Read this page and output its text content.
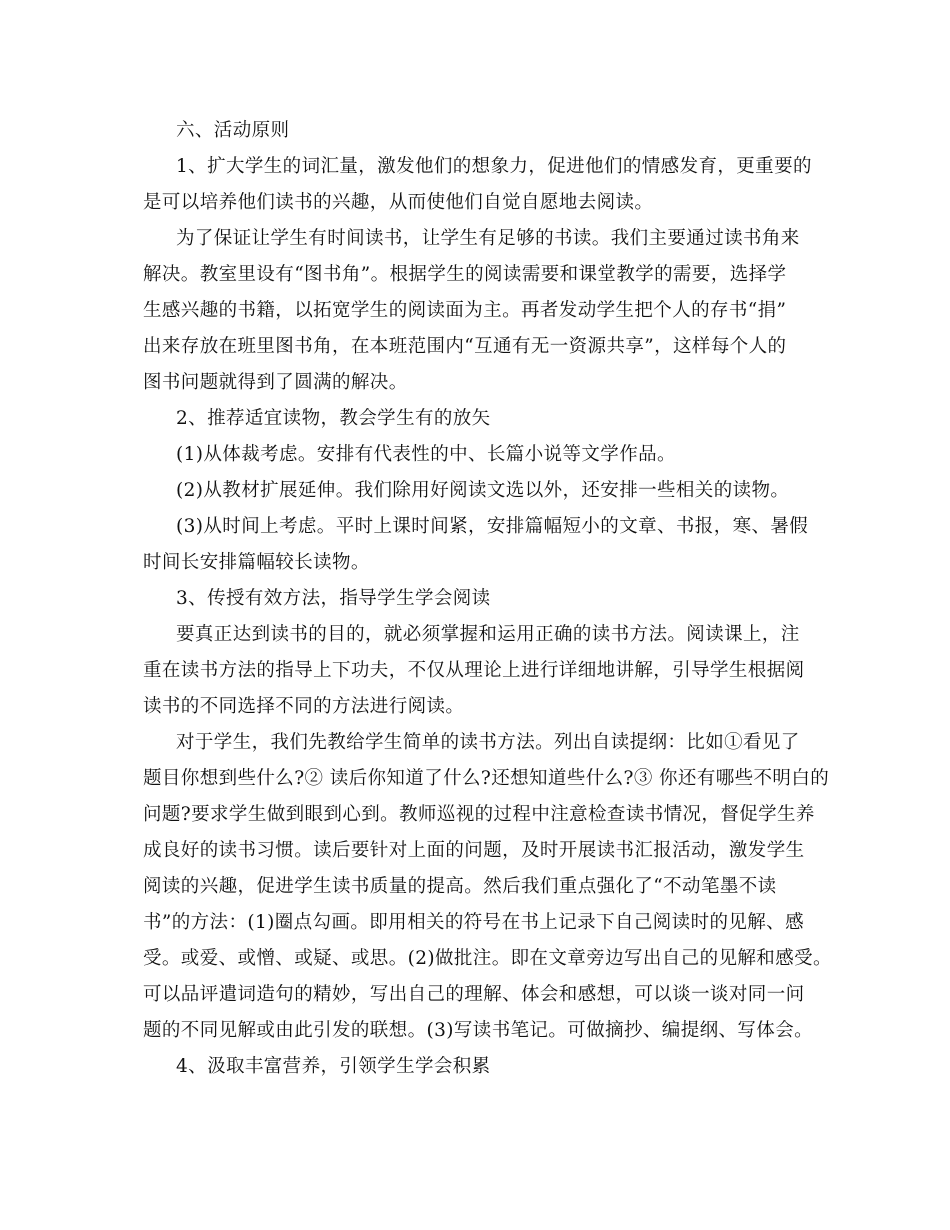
六、活动原则
1、扩大学生的词汇量，激发他们的想象力，促进他们的情感发育，更重要的
是可以培养他们读书的兴趣，从而使他们自觉自愿地去阅读。
为了保证让学生有时间读书，让学生有足够的书读。我们主要通过读书角来
解决。教室里设有“图书角”。根据学生的阅读需要和课堂教学的需要，选择学
生感兴趣的书籍，以拓宽学生的阅读面为主。再者发动学生把个人的存书“捐”
出来存放在班里图书角，在本班范围内“互通有无一资源共享”，这样每个人的
图书问题就得到了圆满的解决。
2、推荐适宜读物，教会学生有的放矢
(1)从体裁考虑。安排有代表性的中、长篇小说等文学作品。
(2)从教材扩展延伸。我们除用好阅读文选以外，还安排一些相关的读物。
(3)从时间上考虑。平时上课时间紧，安排篇幅短小的文章、书报，寒、暑假
时间长安排篇幅较长读物。
3、传授有效方法，指导学生学会阅读
要真正达到读书的目的，就必须掌握和运用正确的读书方法。阅读课上，注
重在读书方法的指导上下功夫，不仅从理论上进行详细地讲解，引导学生根据阅
读书的不同选择不同的方法进行阅读。
对于学生，我们先教给学生简单的读书方法。列出自读提纲：比如①看见了
题目你想到些什么?② 读后你知道了什么?还想知道些什么?③ 你还有哪些不明白的
问题?要求学生做到眼到心到。教师巡视的过程中注意检查读书情况，督促学生养
成良好的读书习惯。读后要针对上面的问题，及时开展读书汇报活动，激发学生
阅读的兴趣，促进学生读书质量的提高。然后我们重点强化了“不动笔墨不读
书”的方法：(1)圈点勾画。即用相关的符号在书上记录下自己阅读时的见解、感
受。或爱、或憎、或疑、或思。(2)做批注。即在文章旁边写出自己的见解和感受。
可以品评遣词造句的精妙，写出自己的理解、体会和感想，可以谈一谈对同一问
题的不同见解或由此引发的联想。(3)写读书笔记。可做摘抄、编提纲、写体会。
4、汲取丰富营养，引领学生学会积累
